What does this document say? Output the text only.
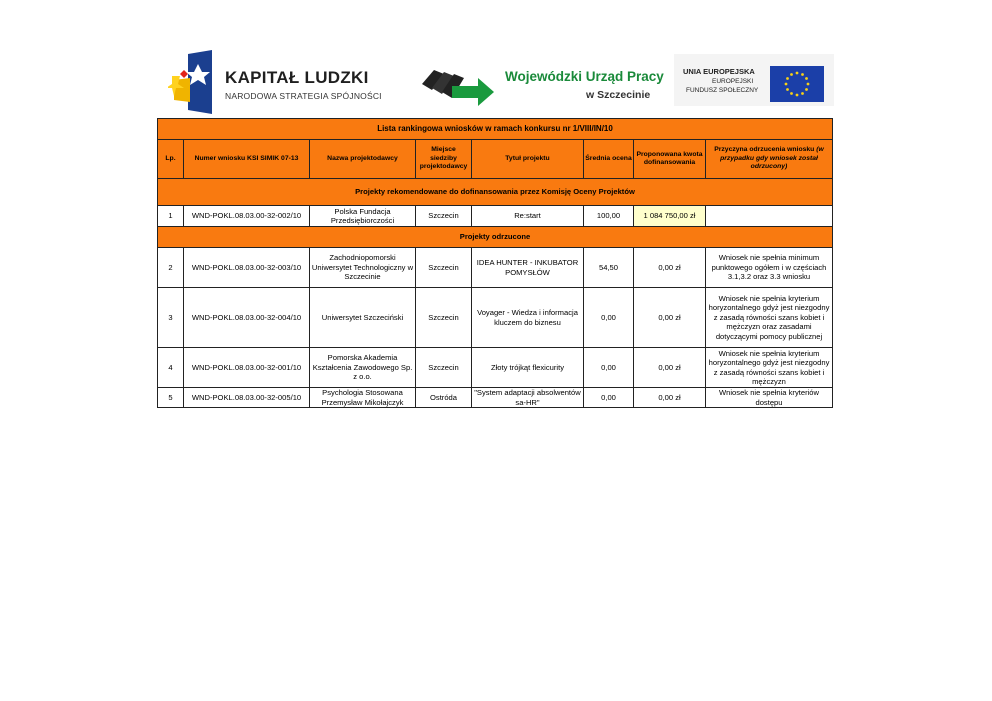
KAPITAŁ LUDZKI
NARODOWA STRATEGIA SPÓJNOŚCI
Wojewódzki Urząd Pracy
w Szczecinie
UNIA EUROPEJSKA
EUROPEJSKI
FUNDUSZ SPOŁECZNY
Lista rankingowa wniosków w ramach konkursu nr 1/VIII/IN/10							
Lp.	Numer wniosku KSI SIMIK 07-13	Nazwa projektodawcy	Miejsce siedziby projektodawcy	Tytuł projektu	Średnia ocena	Proponowana kwota dofinansowania	Przyczyna odrzucenia wniosku (w przypadku gdy wniosek został odrzucony)
Projekty rekomendowane do dofinansowania przez Komisję Oceny Projektów							
1	WND-POKL.08.03.00-32-002/10	Polska Fundacja Przedsiębiorczości	Szczecin	Re:start	100,00	1 084 750,00 zł	
Projekty odrzucone							
2	WND-POKL.08.03.00-32-003/10	Zachodniopomorski Uniwersytet Technologiczny w Szczecinie	Szczecin	IDEA HUNTER - INKUBATOR POMYSŁÓW	54,50	0,00 zł	Wniosek nie spełnia minimum punktowego ogółem i w częściach 3.1,3.2 oraz 3.3 wniosku
3	WND-POKL.08.03.00-32-004/10	Uniwersytet Szczeciński	Szczecin	Voyager - Wiedza i informacja kluczem do biznesu	0,00	0,00 zł	Wniosek nie spełnia kryterium horyzontalnego gdyż jest niezgodny z zasadą równości szans kobiet i mężczyzn oraz zasadami dotyczącymi pomocy publicznej
4	WND-POKL.08.03.00-32-001/10	Pomorska Akademia Kształcenia Zawodowego Sp. z o.o.	Szczecin	Złoty trójkąt flexicurity	0,00	0,00 zł	Wniosek nie spełnia kryterium horyzontalnego gdyż jest niezgodny z zasadą równości szans kobiet i mężczyzn
5	WND-POKL.08.03.00-32-005/10	Psychologia Stosowana Przemysław Mikołajczyk	Ostróda	"System adaptacji absolwentów sa-HR"	0,00	0,00 zł	Wniosek nie spełnia kryteriów dostępu
